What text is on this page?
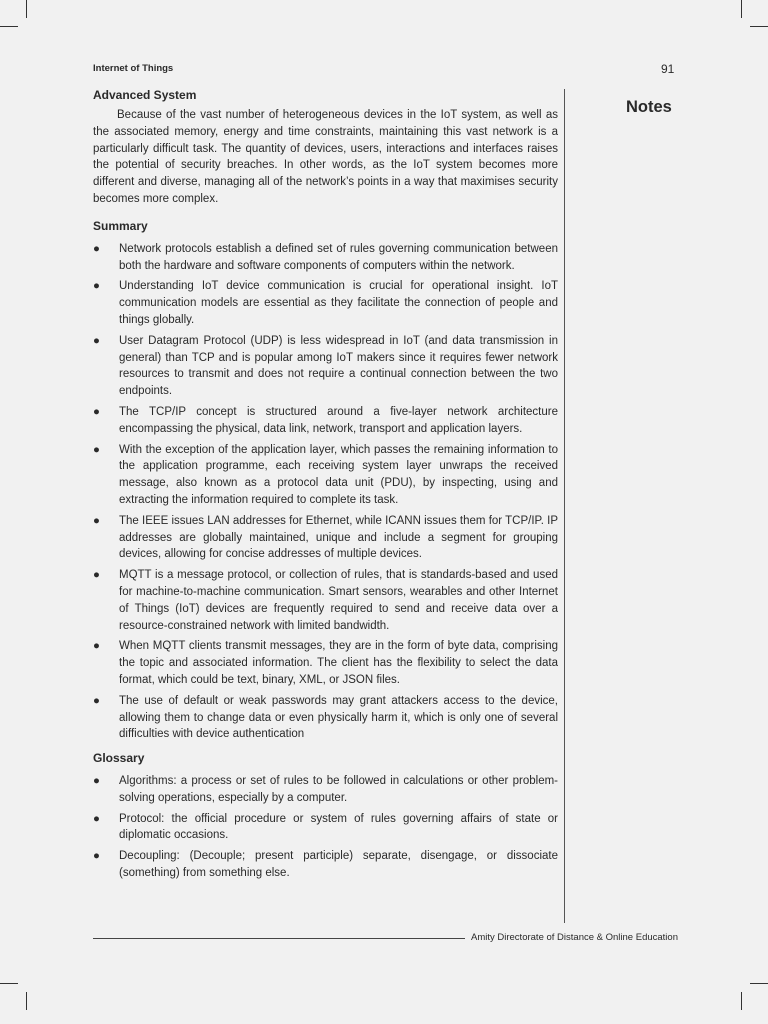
Internet of Things	91
Notes
Advanced System

Because of the vast number of heterogeneous devices in the IoT system, as well as the associated memory, energy and time constraints, maintaining this vast network is a particularly difficult task. The quantity of devices, users, interactions and interfaces raises the potential of security breaches. In other words, as the IoT system becomes more different and diverse, managing all of the network’s points in a way that maximises security becomes more complex.

Summary
● Network protocols establish a defined set of rules governing communication between both the hardware and software components of computers within the network.
● Understanding IoT device communication is crucial for operational insight. IoT communication models are essential as they facilitate the connection of people and things globally.
● User Datagram Protocol (UDP) is less widespread in IoT (and data transmission in general) than TCP and is popular among IoT makers since it requires fewer network resources to transmit and does not require a continual connection between the two endpoints.
● The TCP/IP concept is structured around a five-layer network architecture encompassing the physical, data link, network, transport and application layers.
● With the exception of the application layer, which passes the remaining information to the application programme, each receiving system layer unwraps the received message, also known as a protocol data unit (PDU), by inspecting, using and extracting the information required to complete its task.
● The IEEE issues LAN addresses for Ethernet, while ICANN issues them for TCP/IP. IP addresses are globally maintained, unique and include a segment for grouping devices, allowing for concise addresses of multiple devices.
● MQTT is a message protocol, or collection of rules, that is standards-based and used for machine-to-machine communication. Smart sensors, wearables and other Internet of Things (IoT) devices are frequently required to send and receive data over a resource-constrained network with limited bandwidth.
● When MQTT clients transmit messages, they are in the form of byte data, comprising the topic and associated information. The client has the flexibility to select the data format, which could be text, binary, XML, or JSON files.
● The use of default or weak passwords may grant attackers access to the device, allowing them to change data or even physically harm it, which is only one of several difficulties with device authentication
Glossary
● Algorithms: a process or set of rules to be followed in calculations or other problem-solving operations, especially by a computer.
● Protocol: the official procedure or system of rules governing affairs of state or diplomatic occasions.
● Decoupling: (Decouple; present participle) separate, disengage, or dissociate (something) from something else.
Amity Directorate of Distance & Online Education
